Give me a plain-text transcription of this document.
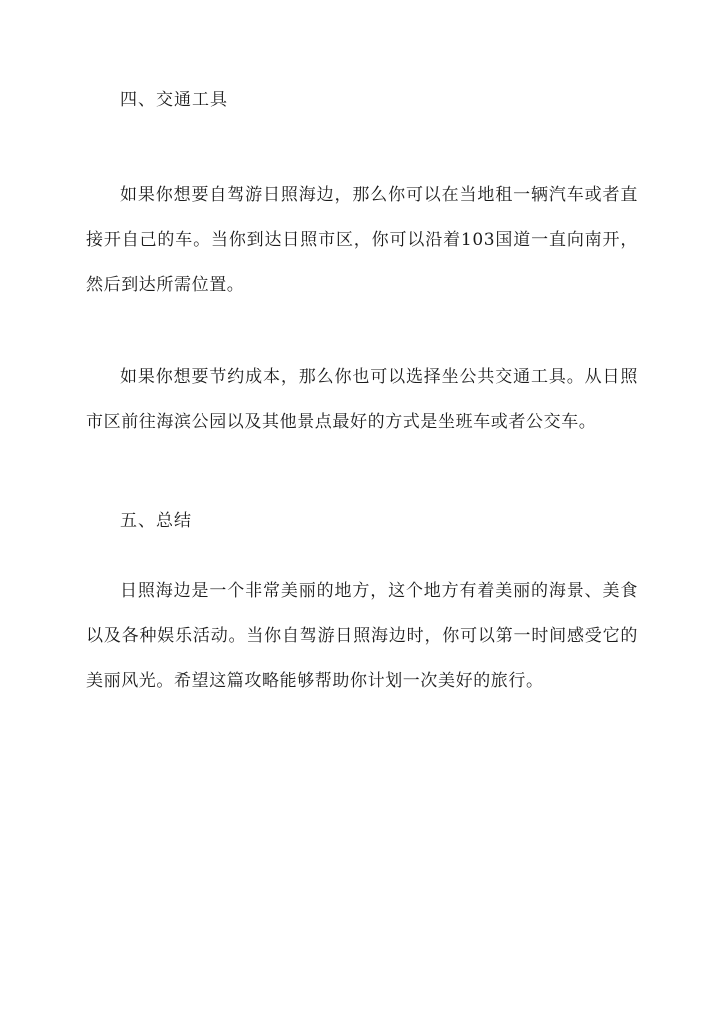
四、交通工具
如果你想要自驾游日照海边，那么你可以在当地租一辆汽车或者直接开自己的车。当你到达日照市区，你可以沿着103国道一直向南开，然后到达所需位置。
如果你想要节约成本，那么你也可以选择坐公共交通工具。从日照市区前往海滨公园以及其他景点最好的方式是坐班车或者公交车。
五、总结
日照海边是一个非常美丽的地方，这个地方有着美丽的海景、美食以及各种娱乐活动。当你自驾游日照海边时，你可以第一时间感受它的美丽风光。希望这篇攻略能够帮助你计划一次美好的旅行。
